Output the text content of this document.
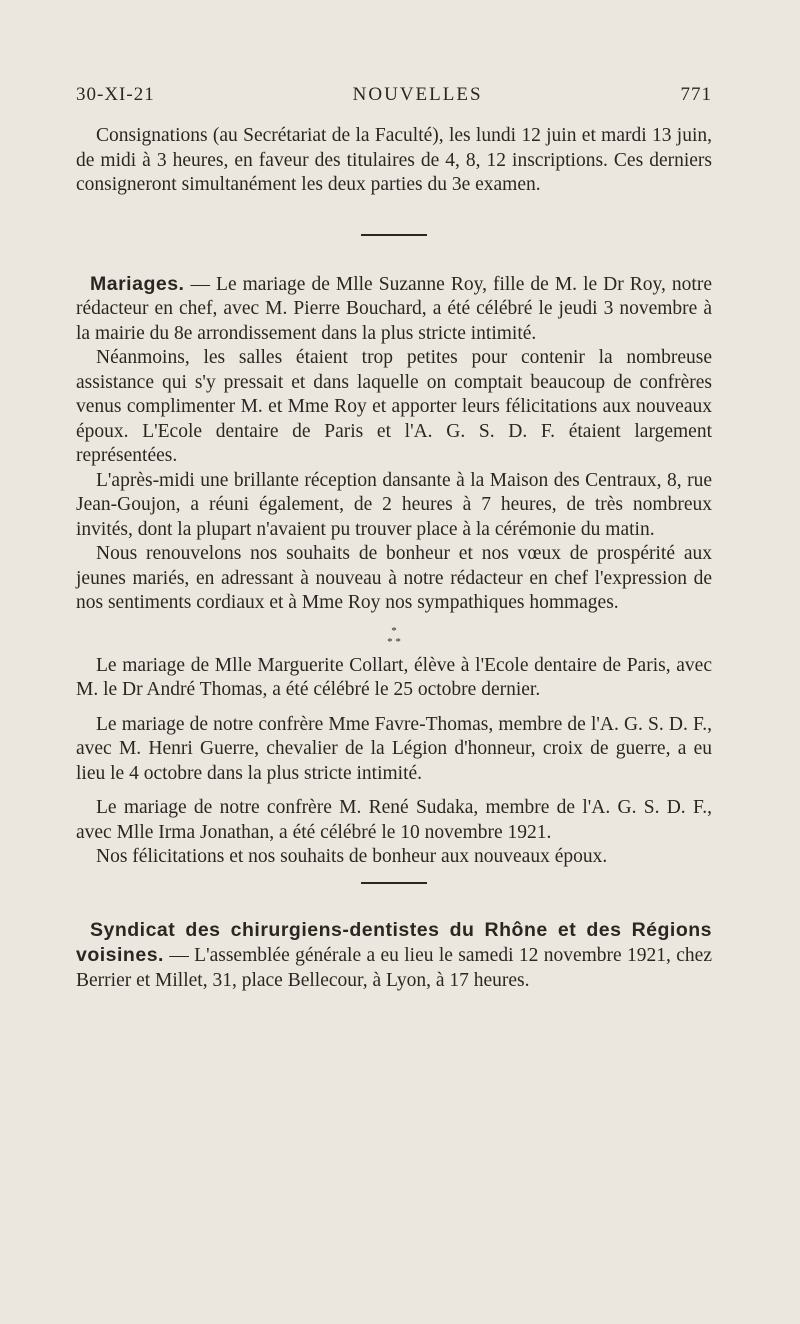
30-XI-21	NOUVELLES	771

Consignations (au Secrétariat de la Faculté), les lundi 12 juin et mardi 13 juin, de midi à 3 heures, en faveur des titulaires de 4, 8, 12 inscriptions. Ces derniers consigneront simultanément les deux parties du 3e examen.

Mariages. — Le mariage de Mlle Suzanne Roy, fille de M. le Dr Roy, notre rédacteur en chef, avec M. Pierre Bouchard, a été célébré le jeudi 3 novembre à la mairie du 8e arrondissement dans la plus stricte intimité.

Néanmoins, les salles étaient trop petites pour contenir la nombreuse assistance qui s'y pressait et dans laquelle on comptait beaucoup de confrères venus complimenter M. et Mme Roy et apporter leurs félicitations aux nouveaux époux. L'Ecole dentaire de Paris et l'A. G. S. D. F. étaient largement représentées.

L'après-midi une brillante réception dansante à la Maison des Centraux, 8, rue Jean-Goujon, a réuni également, de 2 heures à 7 heures, de très nombreux invités, dont la plupart n'avaient pu trouver place à la cérémonie du matin.

Nous renouvelons nos souhaits de bonheur et nos vœux de prospérité aux jeunes mariés, en adressant à nouveau à notre rédacteur en chef l'expression de nos sentiments cordiaux et à Mme Roy nos sympathiques hommages.

*
* *

Le mariage de Mlle Marguerite Collart, élève à l'Ecole dentaire de Paris, avec M. le Dr André Thomas, a été célébré le 25 octobre dernier.

Le mariage de notre confrère Mme Favre-Thomas, membre de l'A. G. S. D. F., avec M. Henri Guerre, chevalier de la Légion d'honneur, croix de guerre, a eu lieu le 4 octobre dans la plus stricte intimité.

Le mariage de notre confrère M. René Sudaka, membre de l'A. G. S. D. F., avec Mlle Irma Jonathan, a été célébré le 10 novembre 1921.

Nos félicitations et nos souhaits de bonheur aux nouveaux époux.

Syndicat des chirurgiens-dentistes du Rhône et des Régions voisines. — L'assemblée générale a eu lieu le samedi 12 novembre 1921, chez Berrier et Millet, 31, place Bellecour, à Lyon, à 17 heures.
